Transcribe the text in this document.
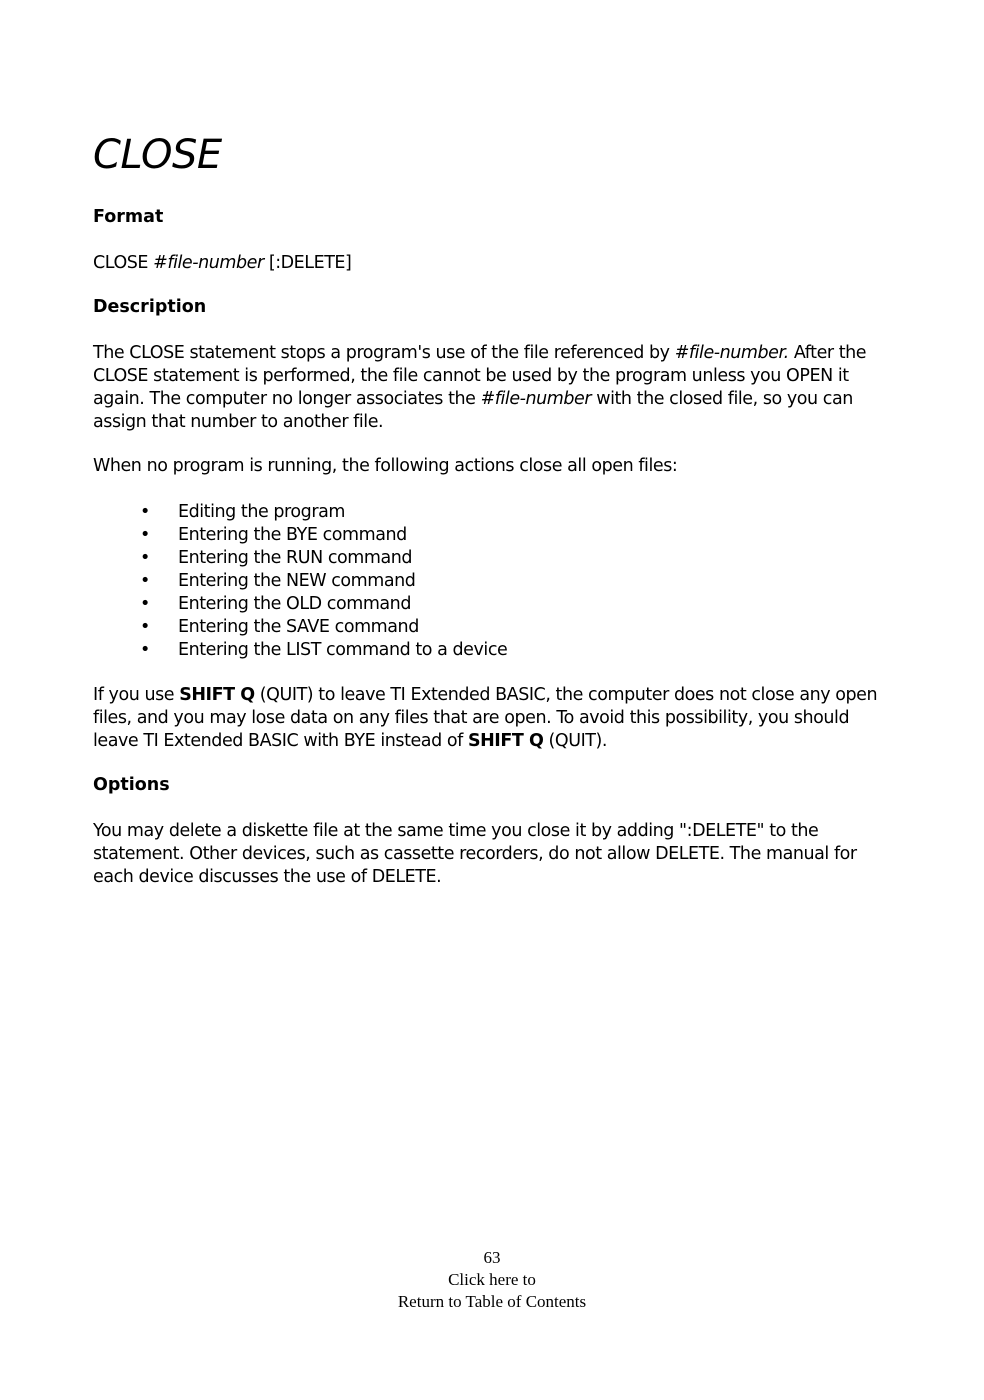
CLOSE
Format

CLOSE #file-number [:DELETE]

Description

The CLOSE statement stops a program's use of the file referenced by #file-number. After the CLOSE statement is performed, the file cannot be used by the program unless you OPEN it again. The computer no longer associates the #file-number with the closed file, so you can assign that number to another file.

When no program is running, the following actions close all open files:

• Editing the program
• Entering the BYE command
• Entering the RUN command
• Entering the NEW command
• Entering the OLD command
• Entering the SAVE command
• Entering the LIST command to a device

If you use SHIFT Q (QUIT) to leave TI Extended BASIC, the computer does not close any open files, and you may lose data on any files that are open. To avoid this possibility, you should leave TI Extended BASIC with BYE instead of SHIFT Q (QUIT).

Options

You may delete a diskette file at the same time you close it by adding ":DELETE" to the statement. Other devices, such as cassette recorders, do not allow DELETE. The manual for each device discusses the use of DELETE.

63
Click here to
Return to Table of Contents
